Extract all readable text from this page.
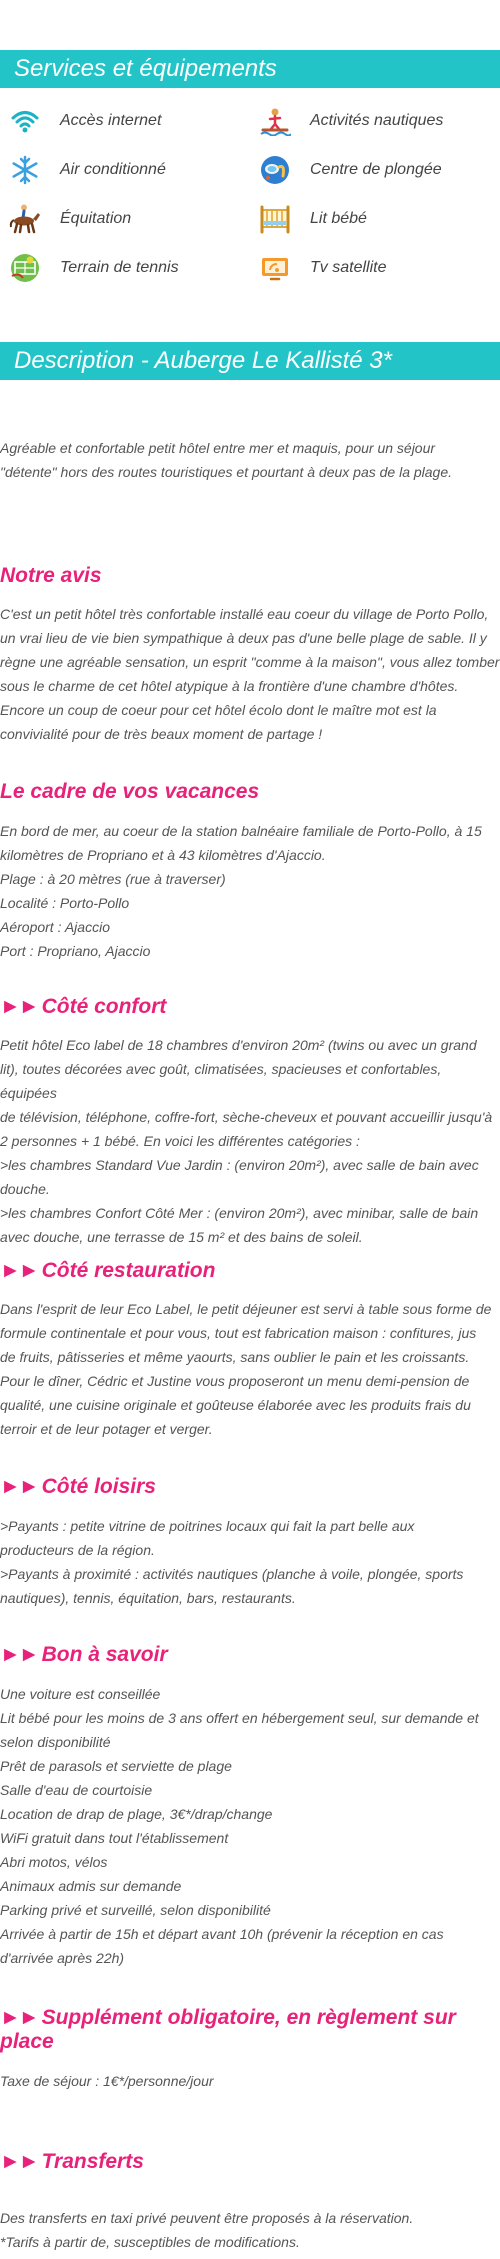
Services et équipements
Accès internet	Activités nautiques
Air conditionné	Centre de plongée
Équitation	Lit bébé
Terrain de tennis	Tv satellite
Description - Auberge Le Kallisté 3*

Agréable et confortable petit hôtel entre mer et maquis, pour un séjour

"détente" hors des routes touristiques et pourtant à deux pas de la plage.

Notre avis

C'est un petit hôtel très confortable installé eau coeur du village de Porto Pollo,

un vrai lieu de vie bien sympathique à deux pas d'une belle plage de sable. Il y

règne une agréable sensation, un esprit "comme à la maison", vous allez tomber

sous le charme de cet hôtel atypique à la frontière d'une chambre d'hôtes.

Encore un coup de coeur pour cet hôtel écolo dont le maître mot est la

convivialité pour de très beaux moment de partage !

Le cadre de vos vacances

En bord de mer, au coeur de la station balnéaire familiale de Porto-Pollo, à 15

kilomètres de Propriano et à 43 kilomètres d'Ajaccio.

Plage : à 20 mètres (rue à traverser)

Localité : Porto-Pollo

Aéroport : Ajaccio

Port : Propriano, Ajaccio

►► Côté confort

Petit hôtel Eco label de 18 chambres d'environ 20m² (twins ou avec un grand

lit), toutes décorées avec goût, climatisées, spacieuses et confortables, équipées

de télévision, téléphone, coffre-fort, sèche-cheveux et pouvant accueillir jusqu'à

2 personnes + 1 bébé. En voici les différentes catégories :

>les chambres Standard Vue Jardin : (environ 20m²), avec salle de bain avec

douche.

>les chambres Confort Côté Mer : (environ 20m²), avec minibar, salle de bain

avec douche, une terrasse de 15 m² et des bains de soleil.

►► Côté restauration

Dans l'esprit de leur Eco Label, le petit déjeuner est servi à table sous forme de

formule continentale et pour vous, tout est fabrication maison : confitures, jus

de fruits, pâtisseries et même yaourts, sans oublier le pain et les croissants.

Pour le dîner, Cédric et Justine vous proposeront un menu demi-pension de

qualité, une cuisine originale et goûteuse élaborée avec les produits frais du

terroir et de leur potager et verger.

►► Côté loisirs

>Payants : petite vitrine de poitrines locaux qui fait la part belle aux

producteurs de la région.

>Payants à proximité : activités nautiques (planche à voile, plongée, sports

nautiques), tennis, équitation, bars, restaurants.

►► Bon à savoir

Une voiture est conseillée

Lit bébé pour les moins de 3 ans offert en hébergement seul, sur demande et

selon disponibilité

Prêt de parasols et serviette de plage

Salle d'eau de courtoisie

Location de drap de plage, 3€*/drap/change

WiFi gratuit dans tout l'établissement

Abri motos, vélos

Animaux admis sur demande

Parking privé et surveillé, selon disponibilité

Arrivée à partir de 15h et départ avant 10h (prévenir la réception en cas

d'arrivée après 22h)

►► Supplément obligatoire, en règlement sur
place

Taxe de séjour : 1€*/personne/jour

►► Transferts

Des transferts en taxi privé peuvent être proposés à la réservation.

*Tarifs à partir de, susceptibles de modifications.
